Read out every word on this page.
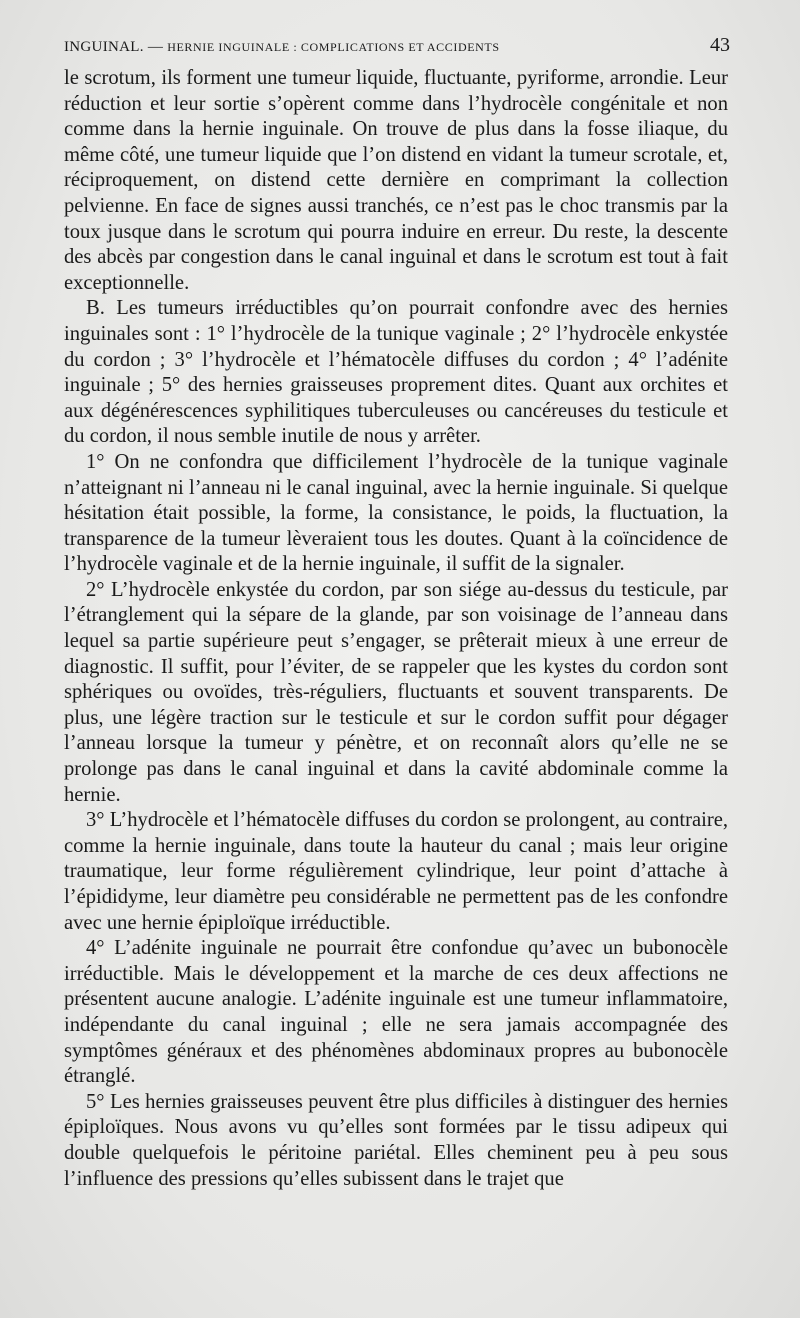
INGUINAL. — HERNIE INGUINALE : COMPLICATIONS ET ACCIDENTS	43

le scrotum, ils forment une tumeur liquide, fluctuante, pyriforme, arrondie. Leur réduction et leur sortie s’opèrent comme dans l’hydrocèle congénitale et non comme dans la hernie inguinale. On trouve de plus dans la fosse iliaque, du même côté, une tumeur liquide que l’on distend en vidant la tumeur scrotale, et, réciproquement, on distend cette dernière en comprimant la collection pelvienne. En face de signes aussi tranchés, ce n’est pas le choc transmis par la toux jusque dans le scrotum qui pourra induire en erreur. Du reste, la descente des abcès par congestion dans le canal inguinal et dans le scrotum est tout à fait exceptionnelle.

B. Les tumeurs irréductibles qu’on pourrait confondre avec des hernies inguinales sont : 1° l’hydrocèle de la tunique vaginale ; 2° l’hydrocèle enkystée du cordon ; 3° l’hydrocèle et l’hématocèle diffuses du cordon ; 4° l’adénite inguinale ; 5° des hernies graisseuses proprement dites. Quant aux orchites et aux dégénérescences syphilitiques tuberculeuses ou cancéreuses du testicule et du cordon, il nous semble inutile de nous y arrêter.

1° On ne confondra que difficilement l’hydrocèle de la tunique vaginale n’atteignant ni l’anneau ni le canal inguinal, avec la hernie inguinale. Si quelque hésitation était possible, la forme, la consistance, le poids, la fluctuation, la transparence de la tumeur lèveraient tous les doutes. Quant à la coïncidence de l’hydrocèle vaginale et de la hernie inguinale, il suffit de la signaler.

2° L’hydrocèle enkystée du cordon, par son siége au-dessus du testicule, par l’étranglement qui la sépare de la glande, par son voisinage de l’anneau dans lequel sa partie supérieure peut s’engager, se prêterait mieux à une erreur de diagnostic. Il suffit, pour l’éviter, de se rappeler que les kystes du cordon sont sphériques ou ovoïdes, très-réguliers, fluctuants et souvent transparents. De plus, une légère traction sur le testicule et sur le cordon suffit pour dégager l’anneau lorsque la tumeur y pénètre, et on reconnaît alors qu’elle ne se prolonge pas dans le canal inguinal et dans la cavité abdominale comme la hernie.

3° L’hydrocèle et l’hématocèle diffuses du cordon se prolongent, au contraire, comme la hernie inguinale, dans toute la hauteur du canal ; mais leur origine traumatique, leur forme régulièrement cylindrique, leur point d’attache à l’épididyme, leur diamètre peu considérable ne permettent pas de les confondre avec une hernie épiploïque irréductible.

4° L’adénite inguinale ne pourrait être confondue qu’avec un bubonocèle irréductible. Mais le développement et la marche de ces deux affections ne présentent aucune analogie. L’adénite inguinale est une tumeur inflammatoire, indépendante du canal inguinal ; elle ne sera jamais accompagnée des symptômes généraux et des phénomènes abdominaux propres au bubonocèle étranglé.

5° Les hernies graisseuses peuvent être plus difficiles à distinguer des hernies épiploïques. Nous avons vu qu’elles sont formées par le tissu adipeux qui double quelquefois le péritoine pariétal. Elles cheminent peu à peu sous l’influence des pressions qu’elles subissent dans le trajet que
